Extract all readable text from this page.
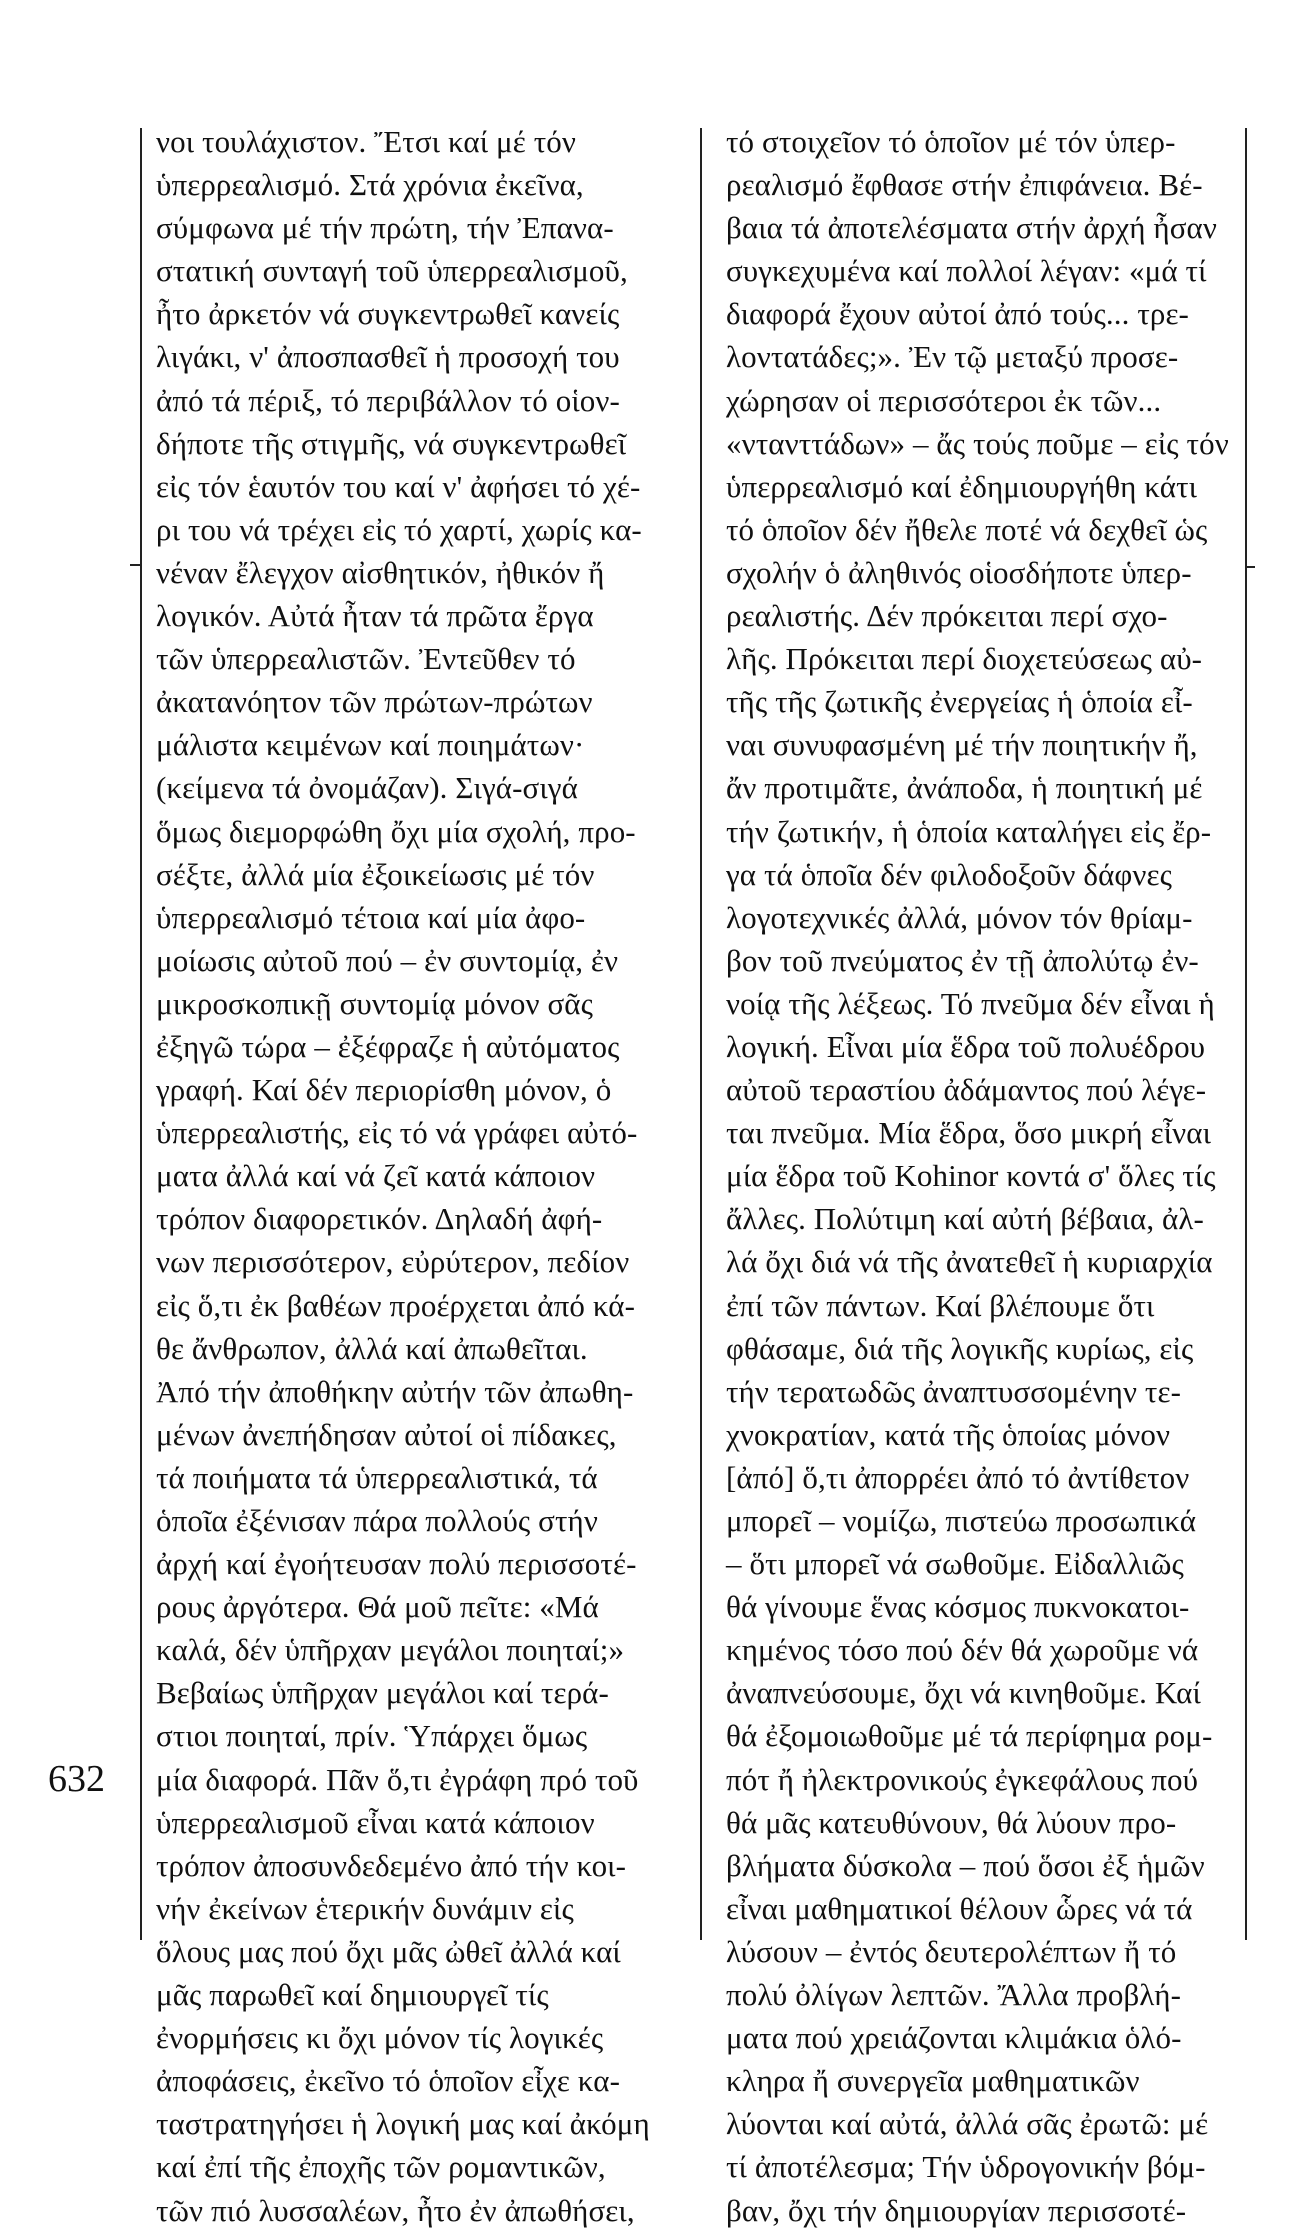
νοι τουλάχιστον. Ἔτσι καί μέ τόν
ὑπερρεαλισμό. Στά χρόνια ἐκεῖνα,
σύμφωνα μέ τήν πρώτη, τήν Ἐπανα-
στατική συνταγή τοῦ ὑπερρεαλισμοῦ,
ἦτο ἀρκετόν νά συγκεντρωθεῖ κανείς
λιγάκι, ν' ἀποσπασθεῖ ἡ προσοχή του
ἀπό τά πέριξ, τό περιβάλλον τό οἱον-
δήποτε τῆς στιγμῆς, νά συγκεντρωθεῖ
εἰς τόν ἑαυτόν του καί ν' ἀφήσει τό χέ-
ρι του νά τρέχει εἰς τό χαρτί, χωρίς κα-
νέναν ἔλεγχον αἰσθητικόν, ἠθικόν ἤ
λογικόν. Αὐτά ἦταν τά πρῶτα ἔργα
τῶν ὑπερρεαλιστῶν. Ἐντεῦθεν τό
ἀκατανόητον τῶν πρώτων-πρώτων
μάλιστα κειμένων καί ποιημάτων·
(κείμενα τά ὀνομάζαν). Σιγά-σιγά
ὅμως διεμορφώθη ὄχι μία σχολή, προ-
σέξτε, ἀλλά μία ἐξοικείωσις μέ τόν
ὑπερρεαλισμό τέτοια καί μία ἀφο-
μοίωσις αὐτοῦ πού – ἐν συντομίᾳ, ἐν
μικροσκοπικῇ συντομίᾳ μόνον σᾶς
ἐξηγῶ τώρα – ἐξέφραζε ἡ αὐτόματος
γραφή. Καί δέν περιορίσθη μόνον, ὁ
ὑπερρεαλιστής, εἰς τό νά γράφει αὐτό-
ματα ἀλλά καί νά ζεῖ κατά κάποιον
τρόπον διαφορετικόν. Δηλαδή ἀφή-
νων περισσότερον, εὐρύτερον, πεδίον
εἰς ὅ,τι ἐκ βαθέων προέρχεται ἀπό κά-
θε ἄνθρωπον, ἀλλά καί ἀπωθεῖται.
Ἀπό τήν ἀποθήκην αὐτήν τῶν ἀπωθη-
μένων ἀνεπήδησαν αὐτοί οἱ πίδακες,
τά ποιήματα τά ὑπερρεαλιστικά, τά
ὁποῖα ἐξένισαν πάρα πολλούς στήν
ἀρχή καί ἐγοήτευσαν πολύ περισσοτέ-
ρους ἀργότερα. Θά μοῦ πεῖτε: «Μά
καλά, δέν ὑπῆρχαν μεγάλοι ποιηταί;»
Βεβαίως ὑπῆρχαν μεγάλοι καί τερά-
στιοι ποιηταί, πρίν. Ὑπάρχει ὅμως
μία διαφορά. Πᾶν ὅ,τι ἐγράφη πρό τοῦ
ὑπερρεαλισμοῦ εἶναι κατά κάποιον
τρόπον ἀποσυνδεδεμένο ἀπό τήν κοι-
νήν ἐκείνων ἑτερικήν δυνάμιν εἰς
ὅλους μας πού ὄχι μᾶς ὠθεῖ ἀλλά καί
μᾶς παρωθεῖ καί δημιουργεῖ τίς
ἐνορμήσεις κι ὄχι μόνον τίς λογικές
ἀποφάσεις, ἐκεῖνο τό ὁποῖον εἶχε κα-
ταστρατηγήσει ἡ λογική μας καί ἀκόμη
καί ἐπί τῆς ἐποχῆς τῶν ρομαντικῶν,
τῶν πιό λυσσαλέων, ἦτο ἐν ἀπωθήσει,
τό στοιχεῖον τό ὁποῖον μέ τόν ὑπερ-
ρεαλισμό ἔφθασε στήν ἐπιφάνεια. Βέ-
βαια τά ἀποτελέσματα στήν ἀρχή ἦσαν
συγκεχυμένα καί πολλοί λέγαν: «μά τί
διαφορά ἔχουν αὐτοί ἀπό τούς... τρε-
λοντατάδες;». Ἐν τῷ μεταξύ προσε-
χώρησαν οἱ περισσότεροι ἐκ τῶν...
«ντανττάδων» – ἄς τούς ποῦμε – εἰς τόν
ὑπερρεαλισμό καί ἐδημιουργήθη κάτι
τό ὁποῖον δέν ἤθελε ποτέ νά δεχθεῖ ὡς
σχολήν ὁ ἀληθινός οἱοσδήποτε ὑπερ-
ρεαλιστής. Δέν πρόκειται περί σχο-
λῆς. Πρόκειται περί διοχετεύσεως αὐ-
τῆς τῆς ζωτικῆς ἐνεργείας ἡ ὁποία εἶ-
ναι συνυφασμένη μέ τήν ποιητικήν ἤ,
ἄν προτιμᾶτε, ἀνάποδα, ἡ ποιητική μέ
τήν ζωτικήν, ἡ ὁποία καταλήγει εἰς ἔρ-
γα τά ὁποῖα δέν φιλοδοξοῦν δάφνες
λογοτεχνικές ἀλλά, μόνον τόν θρίαμ-
βον τοῦ πνεύματος ἐν τῇ ἀπολύτῳ ἐν-
νοίᾳ τῆς λέξεως. Τό πνεῦμα δέν εἶναι ἡ
λογική. Εἶναι μία ἕδρα τοῦ πολυέδρου
αὐτοῦ τεραστίου ἀδάμαντος πού λέγε-
ται πνεῦμα. Μία ἕδρα, ὅσο μικρή εἶναι
μία ἕδρα τοῦ Kohinor κοντά σ' ὅλες τίς
ἄλλες. Πολύτιμη καί αὐτή βέβαια, ἀλ-
λά ὄχι διά νά τῆς ἀνατεθεῖ ἡ κυριαρχία
ἐπί τῶν πάντων. Καί βλέπουμε ὅτι
φθάσαμε, διά τῆς λογικῆς κυρίως, εἰς
τήν τερατωδῶς ἀναπτυσσομένην τε-
χνοκρατίαν, κατά τῆς ὁποίας μόνον
[ἀπό] ὅ,τι ἀπορρέει ἀπό τό ἀντίθετον
μπορεῖ – νομίζω, πιστεύω προσωπικά
– ὅτι μπορεῖ νά σωθοῦμε. Εἰδαλλιῶς
θά γίνουμε ἕνας κόσμος πυκνοκατοι-
κημένος τόσο πού δέν θά χωροῦμε νά
ἀναπνεύσουμε, ὄχι νά κινηθοῦμε. Καί
θά ἐξομοιωθοῦμε μέ τά περίφημα ρομ-
πότ ἤ ἠλεκτρονικούς ἐγκεφάλους πού
θά μᾶς κατευθύνουν, θά λύουν προ-
βλήματα δύσκολα – πού ὅσοι ἐξ ἡμῶν
εἶναι μαθηματικοί θέλουν ὧρες νά τά
λύσουν – ἐντός δευτερολέπτων ἤ τό
πολύ ὀλίγων λεπτῶν. Ἄλλα προβλή-
ματα πού χρειάζονται κλιμάκια ὁλό-
κληρα ἤ συνεργεῖα μαθηματικῶν
λύονται καί αὐτά, ἀλλά σᾶς ἐρωτῶ: μέ
τί ἀποτέλεσμα; Τήν ὑδρογονικήν βόμ-
βαν, ὄχι τήν δημιουργίαν περισσοτέ-
632
